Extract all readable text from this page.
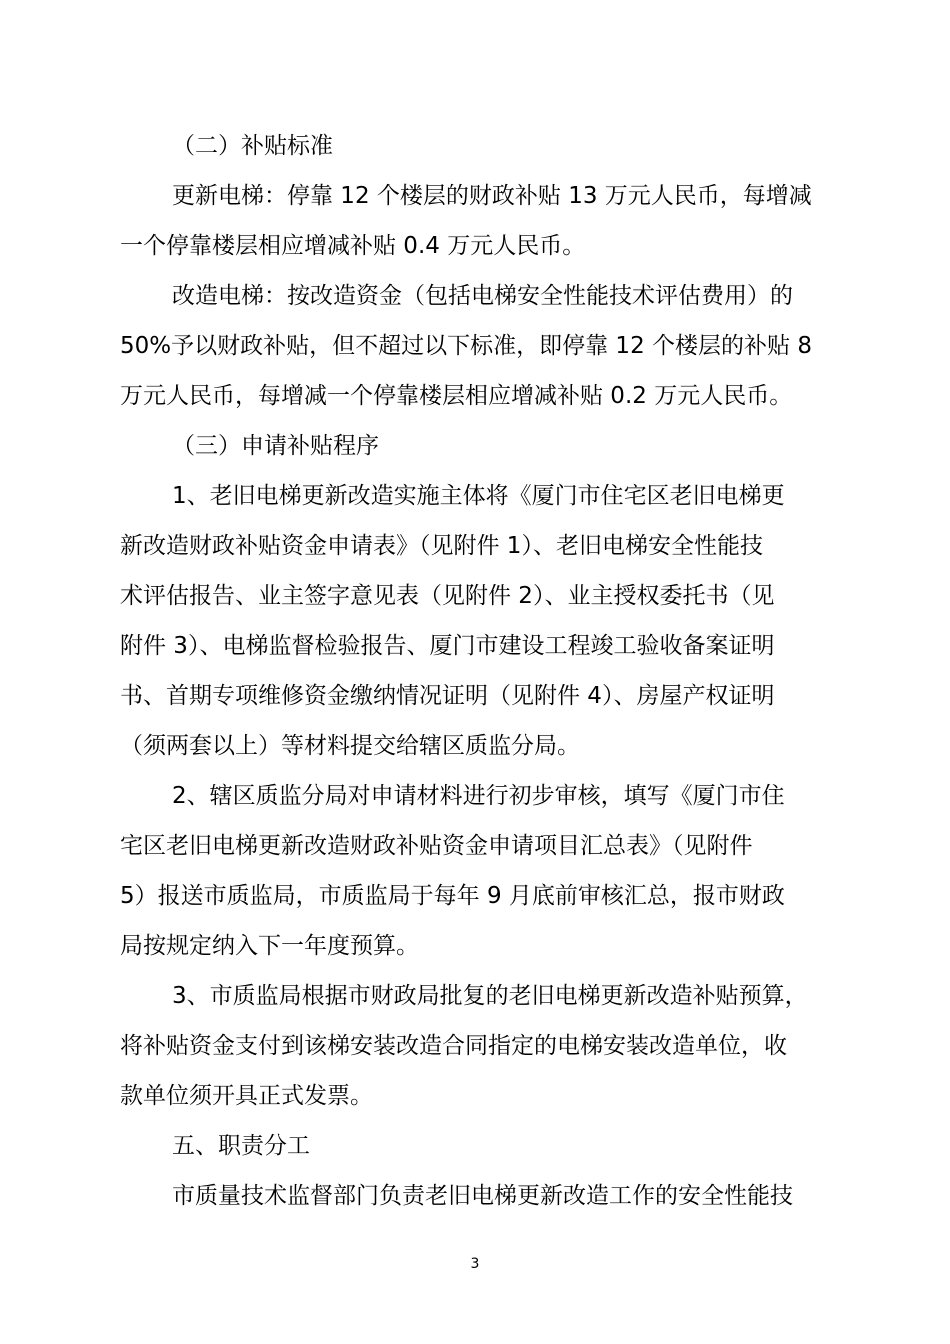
（二）补贴标准
更新电梯：停靠 12 个楼层的财政补贴 13 万元人民币，每增减
一个停靠楼层相应增减补贴 0.4 万元人民币。
改造电梯：按改造资金（包括电梯安全性能技术评估费用）的
50%予以财政补贴，但不超过以下标准，即停靠 12 个楼层的补贴 8
万元人民币，每增减一个停靠楼层相应增减补贴 0.2 万元人民币。
（三）申请补贴程序
1、老旧电梯更新改造实施主体将《厦门市住宅区老旧电梯更
新改造财政补贴资金申请表》（见附件 1）、老旧电梯安全性能技
术评估报告、业主签字意见表（见附件 2）、业主授权委托书（见
附件 3）、电梯监督检验报告、厦门市建设工程竣工验收备案证明
书、首期专项维修资金缴纳情况证明（见附件 4）、房屋产权证明
（须两套以上）等材料提交给辖区质监分局。
2、辖区质监分局对申请材料进行初步审核，填写《厦门市住
宅区老旧电梯更新改造财政补贴资金申请项目汇总表》（见附件
5）报送市质监局，市质监局于每年 9 月底前审核汇总，报市财政
局按规定纳入下一年度预算。
3、市质监局根据市财政局批复的老旧电梯更新改造补贴预算，
将补贴资金支付到该梯安装改造合同指定的电梯安装改造单位，收
款单位须开具正式发票。
五、职责分工
市质量技术监督部门负责老旧电梯更新改造工作的安全性能技
3
